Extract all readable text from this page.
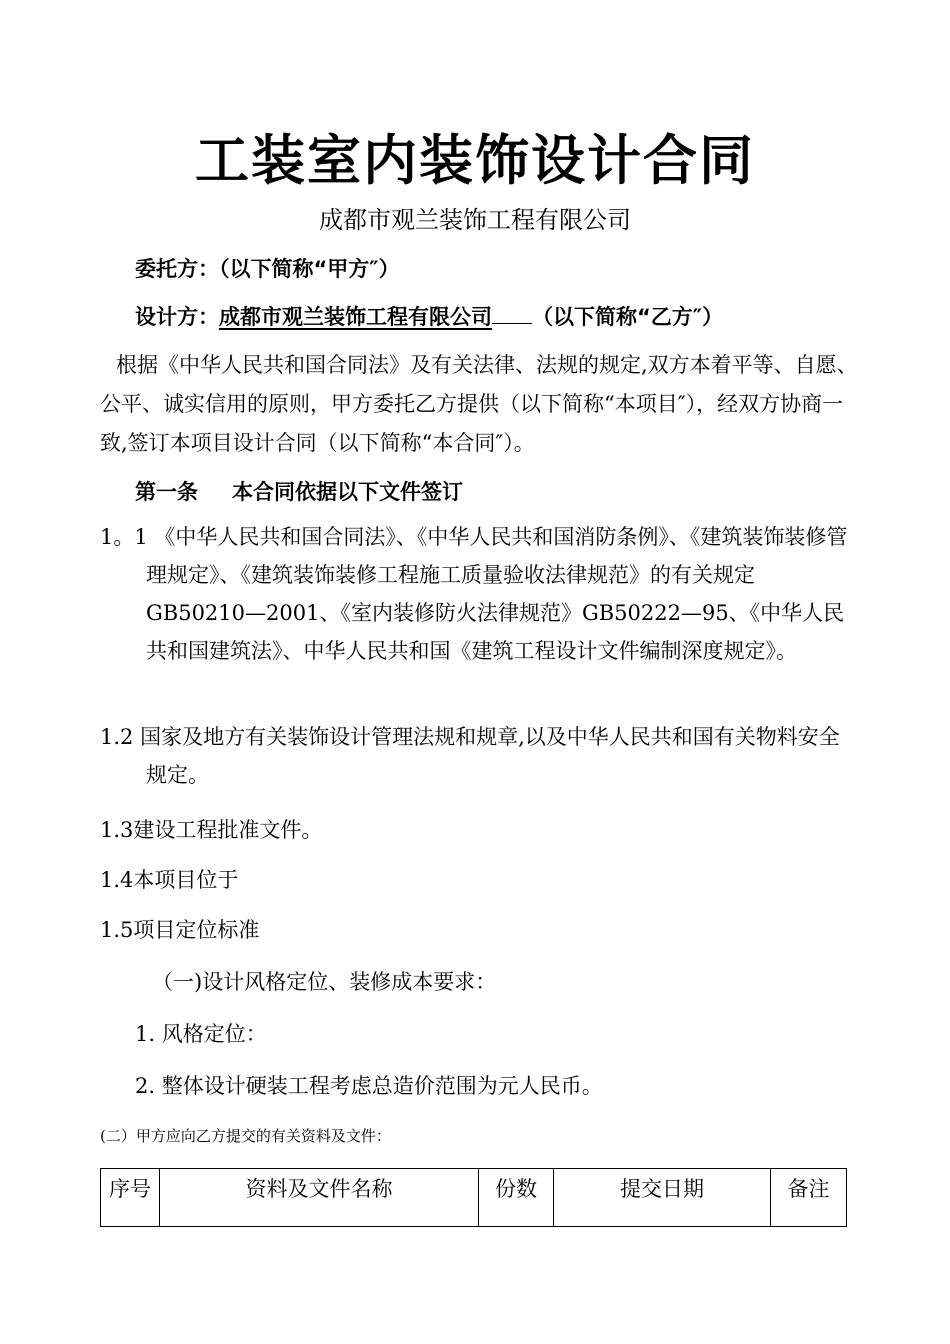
工装室内装饰设计合同
成都市观兰装饰工程有限公司
委托方：（以下简称“甲方″）
设计方：成都市观兰装饰工程有限公司 （以下简称“乙方″）
根据《中华人民共和国合同法》及有关法律、法规的规定,双方本着平等、自愿、公平、诚实信用的原则，甲方委托乙方提供（以下简称“本项目″），经双方协商一致,签订本项目设计合同（以下简称“本合同″）。
第一条 本合同依据以下文件签订
1。1 《中华人民共和国合同法》、《中华人民共和国消防条例》、《建筑装饰装修管理规定》、《建筑装饰装修工程施工质量验收法律规范》的有关规定 GB50210—2001、《室内装修防火法律规范》GB50222—95、《中华人民共和国建筑法》、中华人民共和国《建筑工程设计文件编制深度规定》。
1.2 国家及地方有关装饰设计管理法规和规章,以及中华人民共和国有关物料安全规定。
1.3建设工程批准文件。
1.4本项目位于
1.5项目定位标准
（一)设计风格定位、装修成本要求：
1. 风格定位：
2. 整体设计硬装工程考虑总造价范围为元人民币。
(二）甲方应向乙方提交的有关资料及文件：
序号	资料及文件名称	份数	提交日期	备注
